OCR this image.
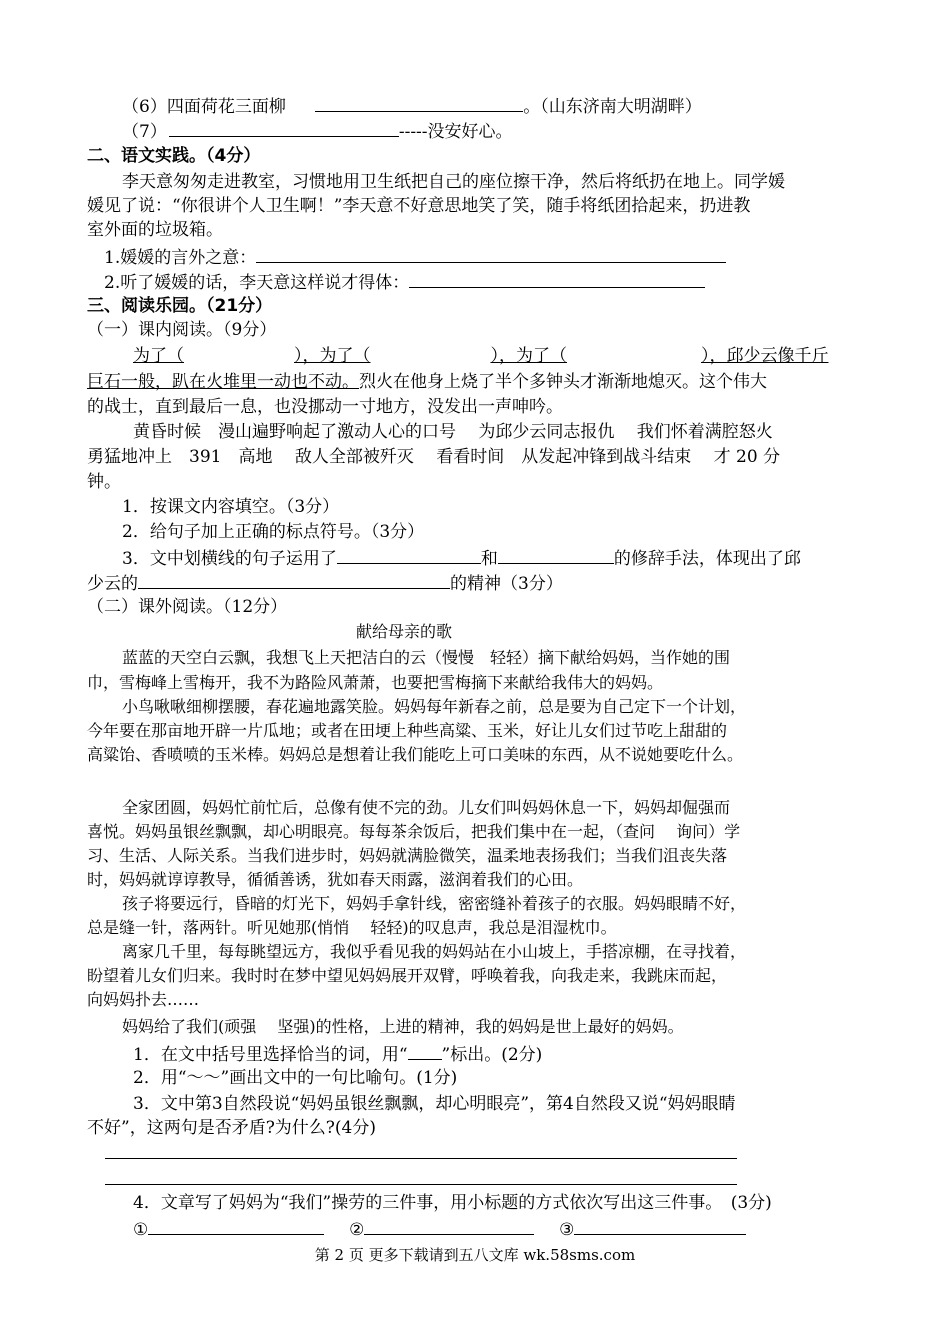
（6）四面荷花三面柳	。（山东济南大明湖畔）
（7）	-----没安好心。
二、语文实践。（4分）
李天意匆匆走进教室，习惯地用卫生纸把自己的座位擦干净，然后将纸扔在地上。同学媛
媛见了说：“你很讲个人卫生啊！”李天意不好意思地笑了笑，随手将纸团拾起来，扔进教
室外面的垃圾箱。
1.媛媛的言外之意：
2.听了媛媛的话，李天意这样说才得体：
三、阅读乐园。（21分）
（一）课内阅读。（9分）
为了（	），为了（	），为了（	），邱少云像千斤
巨石一般，趴在火堆里一动也不动。烈火在他身上烧了半个多钟头才渐渐地熄灭。这个伟大
的战士，直到最后一息，也没挪动一寸地方，没发出一声呻吟。
黄昏时候　漫山遍野响起了激动人心的口号　 为邱少云同志报仇　 我们怀着满腔怒火
勇猛地冲上　391　高地　 敌人全部被歼灭　 看看时间　从发起冲锋到战斗结束　 才 20 分
钟。
1．按课文内容填空。（3分）
2．给句子加上正确的标点符号。（3分）
3．文中划横线的句子运用了	和	的修辞手法，体现出了邱
少云的	的精神（3分）
（二）课外阅读。（12分）
献给母亲的歌
蓝蓝的天空白云飘，我想飞上天把洁白的云（慢慢　轻轻）摘下献给妈妈，当作她的围
巾，雪梅峰上雪梅开，我不为路险风萧萧，也要把雪梅摘下来献给我伟大的妈妈。
小鸟啾啾细柳摆腰，春花遍地露笑脸。妈妈每年新春之前，总是要为自己定下一个计划，
今年要在那亩地开辟一片瓜地；或者在田埂上种些高粱、玉米，好让儿女们过节吃上甜甜的
高粱饴、香喷喷的玉米棒。妈妈总是想着让我们能吃上可口美味的东西，从不说她要吃什么。
全家团圆，妈妈忙前忙后，总像有使不完的劲。儿女们叫妈妈休息一下，妈妈却倔强而
喜悦。妈妈虽银丝飘飘，却心明眼亮。每每茶余饭后，把我们集中在一起，（查问　 询问）学
习、生活、人际关系。当我们进步时，妈妈就满脸微笑，温柔地表扬我们；当我们沮丧失落
时，妈妈就谆谆教导，循循善诱，犹如春天雨露，滋润着我们的心田。
孩子将要远行，昏暗的灯光下，妈妈手拿针线，密密缝补着孩子的衣服。妈妈眼睛不好，
总是缝一针，落两针。听见她那(悄悄　 轻轻)的叹息声，我总是泪湿枕巾。
离家几千里，每每眺望远方，我似乎看见我的妈妈站在小山坡上，手搭凉棚，在寻找着，
盼望着儿女们归来。我时时在梦中望见妈妈展开双臂，呼唤着我，向我走来，我跳床而起，
向妈妈扑去……
妈妈给了我们(顽强　 坚强)的性格，上进的精神，我的妈妈是世上最好的妈妈。
1．在文中括号里选择恰当的词，用“ ”标出。(2分)
2．用“～～”画出文中的一句比喻句。(1分)
3．文中第3自然段说“妈妈虽银丝飘飘，却心明眼亮”，第4自然段又说“妈妈眼睛
不好”，这两句是否矛盾?为什么?(4分)
4．文章写了妈妈为“我们”操劳的三件事，用小标题的方式依次写出这三件事。　(3分)
①	②	③
第 2 页 更多下载请到五八文库 wk.58sms.com
